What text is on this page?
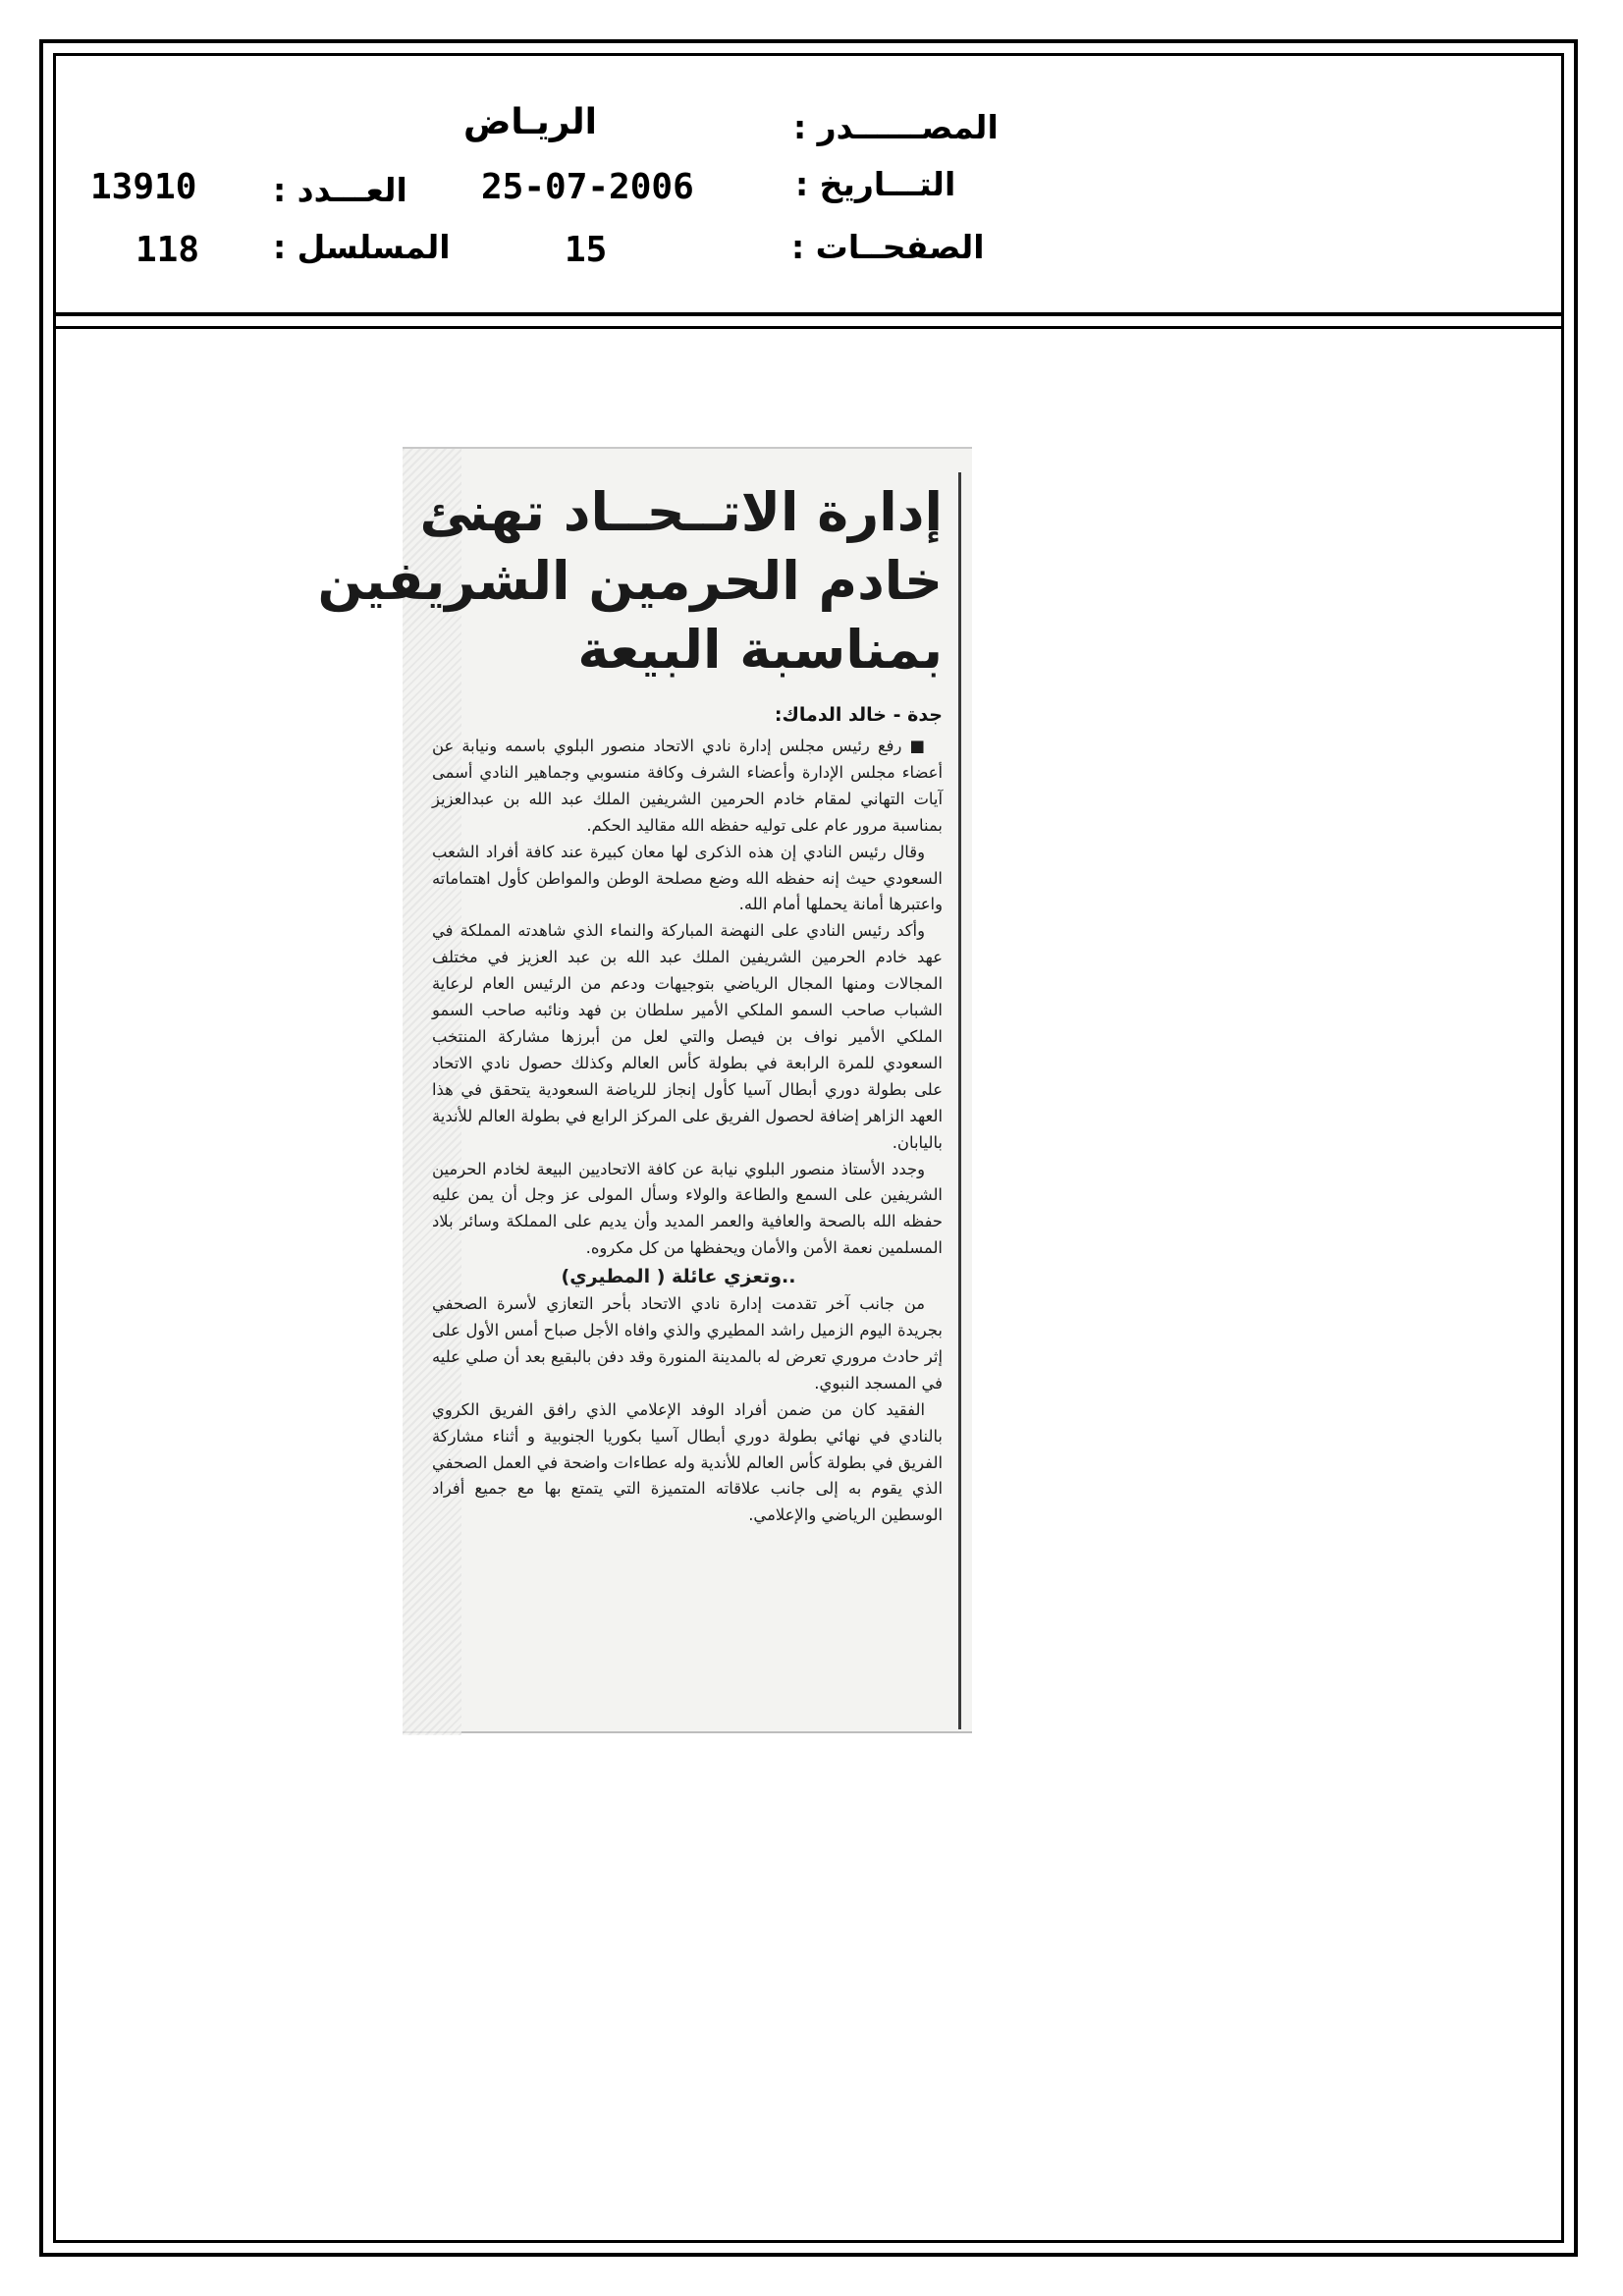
المصــــــدر :
الريـاض
التـــاريخ :
25-07-2006
العـــدد :
13910
الصفحــات :
15
المسلسل :
118
إدارة الاتــحــاد تهنئ
خادم الحرمين الشريفين
بمناسبة البيعة
جدة - خالد الدماك:

■ رفع رئيس مجلس إدارة نادي الاتحاد منصور البلوي باسمه ونيابة عن أعضاء مجلس الإدارة وأعضاء الشرف وكافة منسوبي وجماهير النادي أسمى آيات التهاني لمقام خادم الحرمين الشريفين الملك عبد الله بن عبدالعزيز بمناسبة مرور عام على توليه حفظه الله مقاليد الحكم.

وقال رئيس النادي إن هذه الذكرى لها معان كبيرة عند كافة أفراد الشعب السعودي حيث إنه حفظه الله وضع مصلحة الوطن والمواطن كأول اهتماماته واعتبرها أمانة يحملها أمام الله.

وأكد رئيس النادي على النهضة المباركة والنماء الذي شاهدته المملكة في عهد خادم الحرمين الشريفين الملك عبد الله بن عبد العزيز في مختلف المجالات ومنها المجال الرياضي بتوجيهات ودعم من الرئيس العام لرعاية الشباب صاحب السمو الملكي الأمير سلطان بن فهد ونائبه صاحب السمو الملكي الأمير نواف بن فيصل والتي لعل من أبرزها مشاركة المنتخب السعودي للمرة الرابعة في بطولة كأس العالم وكذلك حصول نادي الاتحاد على بطولة دوري أبطال آسيا كأول إنجاز للرياضة السعودية يتحقق في هذا العهد الزاهر إضافة لحصول الفريق على المركز الرابع في بطولة العالم للأندية باليابان.

وجدد الأستاذ منصور البلوي نيابة عن كافة الاتحاديين البيعة لخادم الحرمين الشريفين على السمع والطاعة والولاء وسأل المولى عز وجل أن يمن عليه حفظه الله بالصحة والعافية والعمر المديد وأن يديم على المملكة وسائر بلاد المسلمين نعمة الأمن والأمان ويحفظها من كل مكروه.

..وتعزي عائلة ( المطيري)

من جانب آخر تقدمت إدارة نادي الاتحاد بأحر التعازي لأسرة الصحفي بجريدة اليوم الزميل راشد المطيري والذي وافاه الأجل صباح أمس الأول على إثر حادث مروري تعرض له بالمدينة المنورة وقد دفن بالبقيع بعد أن صلي عليه في المسجد النبوي.

الفقيد كان من ضمن أفراد الوفد الإعلامي الذي رافق الفريق الكروي بالنادي في نهائي بطولة دوري أبطال آسيا بكوريا الجنوبية و أثناء مشاركة الفريق في بطولة كأس العالم للأندية وله عطاءات واضحة في العمل الصحفي الذي يقوم به إلى جانب علاقاته المتميزة التي يتمتع بها مع جميع أفراد الوسطين الرياضي والإعلامي.
